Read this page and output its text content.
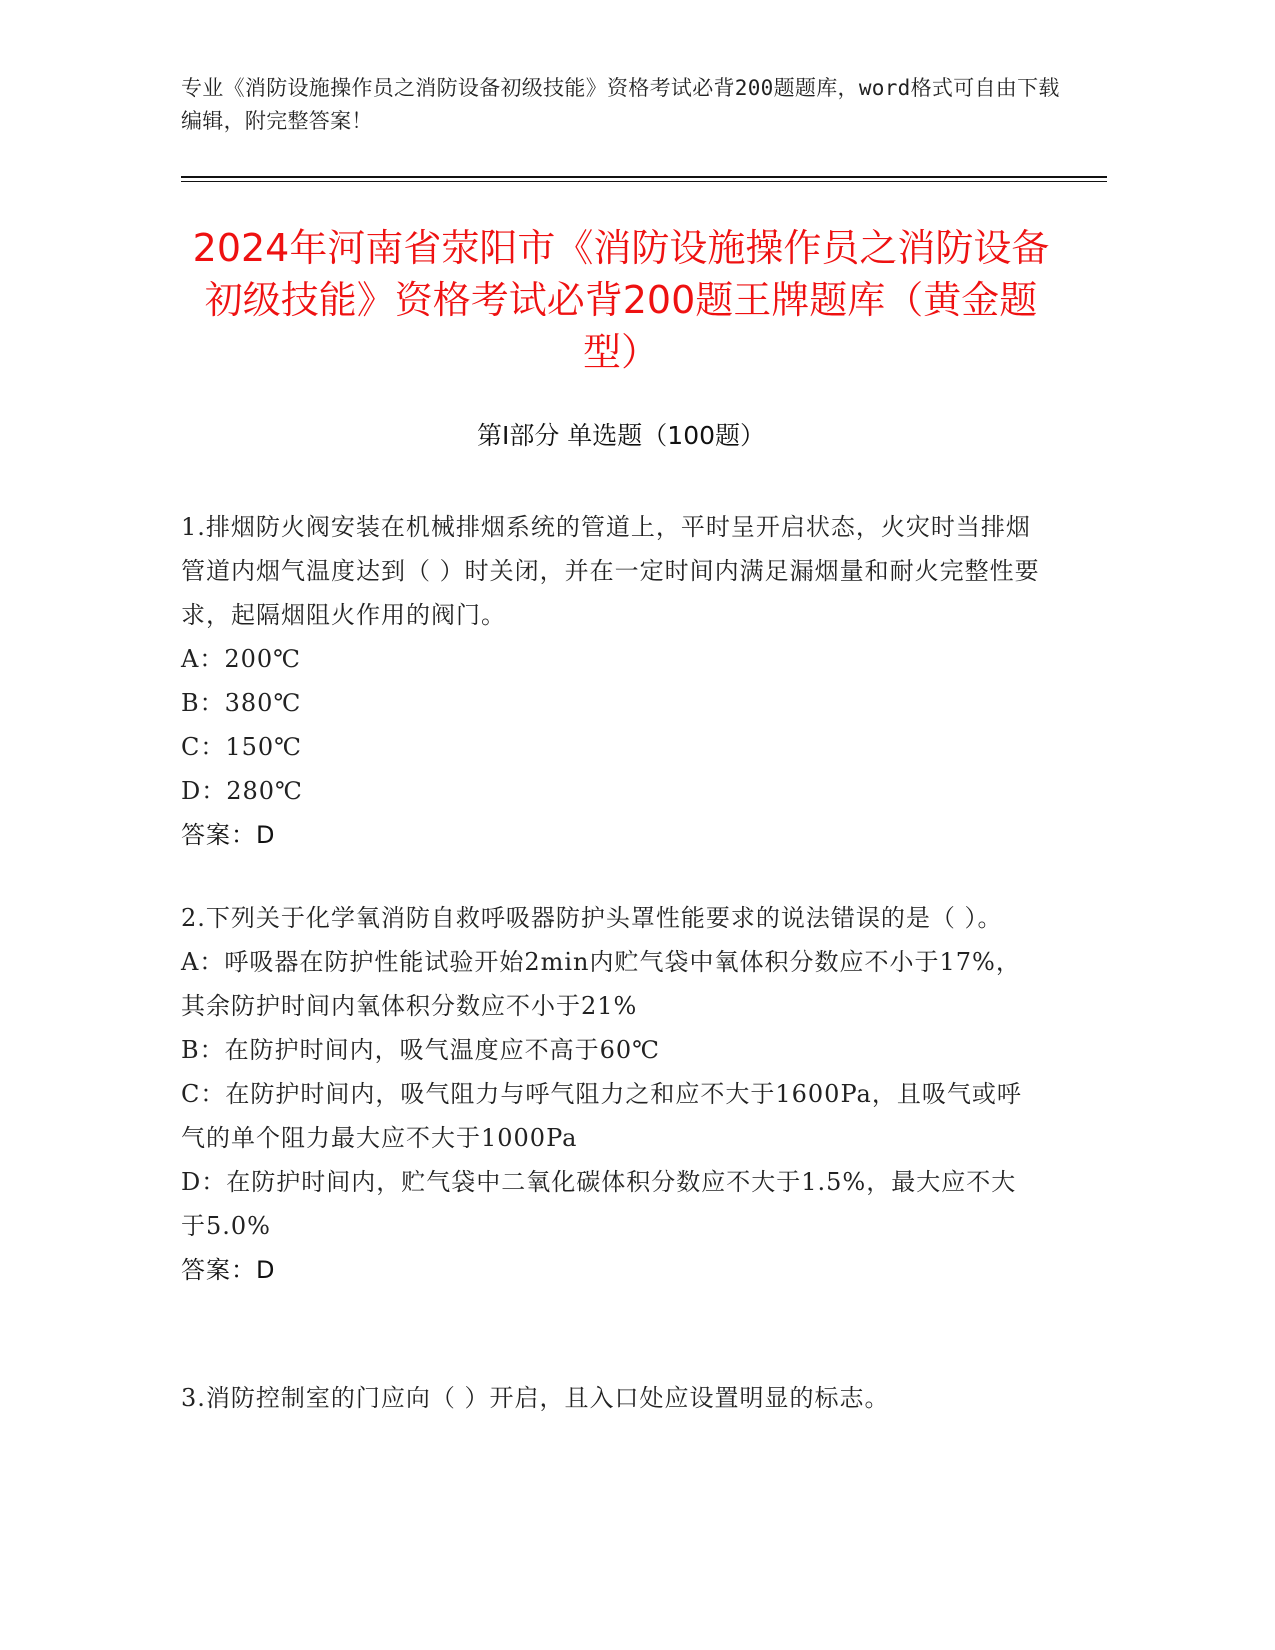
专业《消防设施操作员之消防设备初级技能》资格考试必背200题题库，word格式可自由下载编辑，附完整答案！
2024年河南省荥阳市《消防设施操作员之消防设备初级技能》资格考试必背200题王牌题库（黄金题型）
第I部分 单选题（100题）

1.排烟防火阀安装在机械排烟系统的管道上，平时呈开启状态，火灾时当排烟管道内烟气温度达到（ ）时关闭，并在一定时间内满足漏烟量和耐火完整性要求，起隔烟阻火作用的阀门。

A：200℃

B：380℃

C：150℃

D：280℃

答案：D

2.下列关于化学氧消防自救呼吸器防护头罩性能要求的说法错误的是（ ）。

A：呼吸器在防护性能试验开始2min内贮气袋中氧体积分数应不小于17%，其余防护时间内氧体积分数应不小于21%

B：在防护时间内，吸气温度应不高于60℃

C：在防护时间内，吸气阻力与呼气阻力之和应不大于1600Pa，且吸气或呼气的单个阻力最大应不大于1000Pa

D：在防护时间内，贮气袋中二氧化碳体积分数应不大于1.5%，最大应不大于5.0%

答案：D

3.消防控制室的门应向（ ）开启，且入口处应设置明显的标志。
